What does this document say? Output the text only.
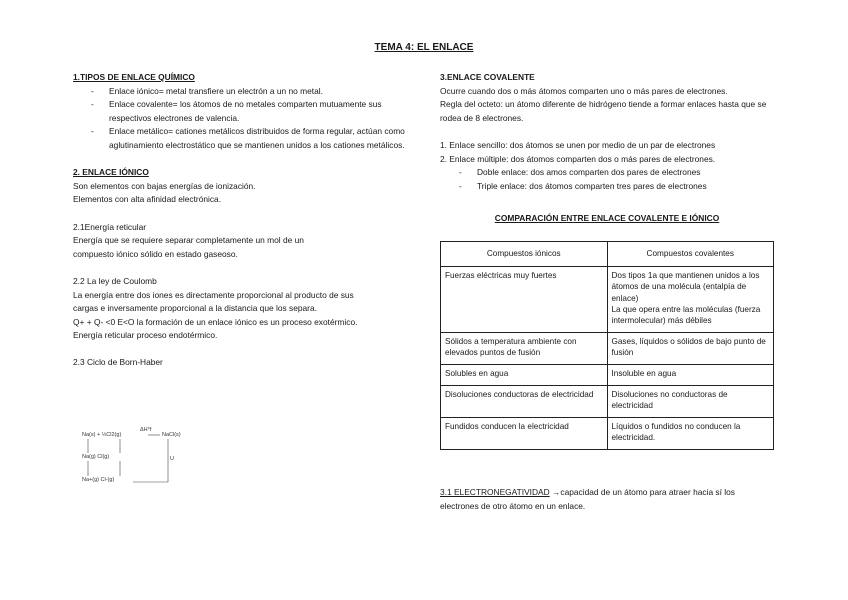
TEMA 4: EL ENLACE

1.TIPOS DE ENLACE QUÍMICO

- Enlace iónico= metal transfiere un electrón a un no metal.
- Enlace covalente= los átomos de no metales comparten mutuamente sus respectivos electrones de valencia.
- Enlace metálico= cationes metálicos distribuidos de forma regular, actúan como aglutinamiento electrostático que se mantienen unidos a los cationes metálicos.

2. ENLACE IÓNICO

Son elementos con bajas energías de ionización.

Elementos con alta afinidad electrónica.

2.1Energía reticular

Energía que se requiere separar completamente un mol de un compuesto iónico sólido en estado gaseoso.

2.2 La ley de Coulomb

La energía entre dos iones es directamente proporcional al producto de sus cargas e inversamente proporcional a la distancia que los separa.

Q+ + Q- <0 E<O la formación de un enlace iónico es un proceso exotérmico.

Energía reticular proceso endotérmico.

2.3 Ciclo de Born-Haber

Na(s) + ½Cl2(g)
ΔH°f
NaCl(s)
Na(g) Cl(g)
Na+(g) Cl-(g)
U

3.ENLACE COVALENTE

Ocurre cuando dos o más átomos comparten uno o más pares de electrones.

Regla del octeto: un átomo diferente de hidrógeno tiende a formar enlaces hasta que se rodea de 8 electrones.

1. Enlace sencillo: dos átomos se unen por medio de un par de electrones

2. Enlace múltiple: dos átomos comparten dos o más pares de electrones.

- Doble enlace: dos amos comparten dos pares de electrones
- Triple enlace: dos átomos comparten tres pares de electrones
COMPARACIÓN ENTRE ENLACE COVALENTE E IÓNICO
Compuestos iónicos	Compuestos covalentes
Fuerzas eléctricas muy fuertes	Dos tipos 1a que mantienen unidos a los átomos de una molécula (entalpía de enlace)
La que opera entre las moléculas (fuerza intermolecular) más débiles
Sólidos a temperatura ambiente con elevados puntos de fusión	Gases, líquidos o sólidos de bajo punto de fusión
Solubles en agua	Insoluble en agua
Disoluciones conductoras de electricidad	Disoluciones no conductoras de electricidad
Fundidos conducen la electricidad	Líquidos o fundidos no conducen la electricidad.
3.1 ELECTRONEGATIVIDAD →capacidad de un átomo para atraer hacia sí los electrones de otro átomo en un enlace.
